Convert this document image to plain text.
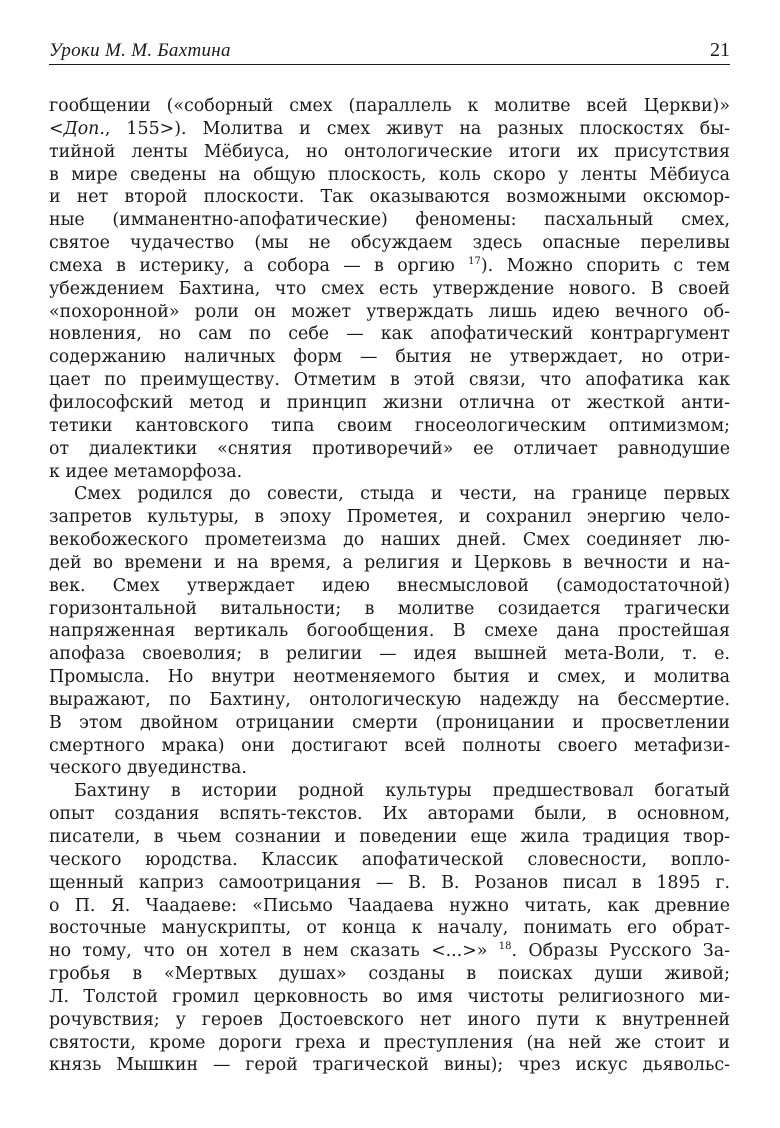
Уроки М. М. Бахтина	21
гообщении («соборный смех (параллель к молитве всей Церкви)»
<Доп., 155>). Молитва и смех живут на разных плоскостях бы-
тийной ленты Мёбиуса, но онтологические итоги их присутствия
в мире сведены на общую плоскость, коль скоро у ленты Мёбиуса
и нет второй плоскости. Так оказываются возможными оксюмор-
ные (имманентно-апофатические) феномены: пасхальный смех,
святое чудачество (мы не обсуждаем здесь опасные переливы
смеха в истерику, а собора — в оргию $^{17}$). Можно спорить с тем
убеждением Бахтина, что смех есть утверждение нового. В своей
«похоронной» роли он может утверждать лишь идею вечного об-
новления, но сам по себе — как апофатический контраргумент
содержанию наличных форм — бытия не утверждает, но отри-
цает по преимуществу. Отметим в этой связи, что апофатика как
философский метод и принцип жизни отлична от жесткой анти-
тетики кантовского типа своим гносеологическим оптимизмом;
от диалектики «снятия противоречий» ее отличает равнодушие
к идее метаморфоза.
Смех родился до совести, стыда и чести, на границе первых
запретов культуры, в эпоху Прометея, и сохранил энергию чело-
векобожеского прометеизма до наших дней. Смех соединяет лю-
дей во времени и на время, а религия и Церковь в вечности и на-
век. Смех утверждает идею внесмысловой (самодостаточной)
горизонтальной витальности; в молитве созидается трагически
напряженная вертикаль богообщения. В смехе дана простейшая
апофаза своеволия; в религии — идея вышней мета-Воли, т. е.
Промысла. Но внутри неотменяемого бытия и смех, и молитва
выражают, по Бахтину, онтологическую надежду на бессмертие.
В этом двойном отрицании смерти (проницании и просветлении
смертного мрака) они достигают всей полноты своего метафизи-
ческого двуединства.
Бахтину в истории родной культуры предшествовал богатый
опыт создания вспять-текстов. Их авторами были, в основном,
писатели, в чьем сознании и поведении еще жила традиция твор-
ческого юродства. Классик апофатической словесности, вопло-
щенный каприз самоотрицания — В. В. Розанов писал в 1895 г.
о П. Я. Чаадаеве: «Письмо Чаадаева нужно читать, как древние
восточные манускрипты, от конца к началу, понимать его обрат-
но тому, что он хотел в нем сказать <...>» $^{18}$. Образы Русского За-
гробья в «Мертвых душах» созданы в поисках души живой;
Л. Толстой громил церковность во имя чистоты религиозного ми-
рочувствия; у героев Достоевского нет иного пути к внутренней
святости, кроме дороги греха и преступления (на ней же стоит и
князь Мышкин — герой трагической вины); чрез искус дьявольс-
